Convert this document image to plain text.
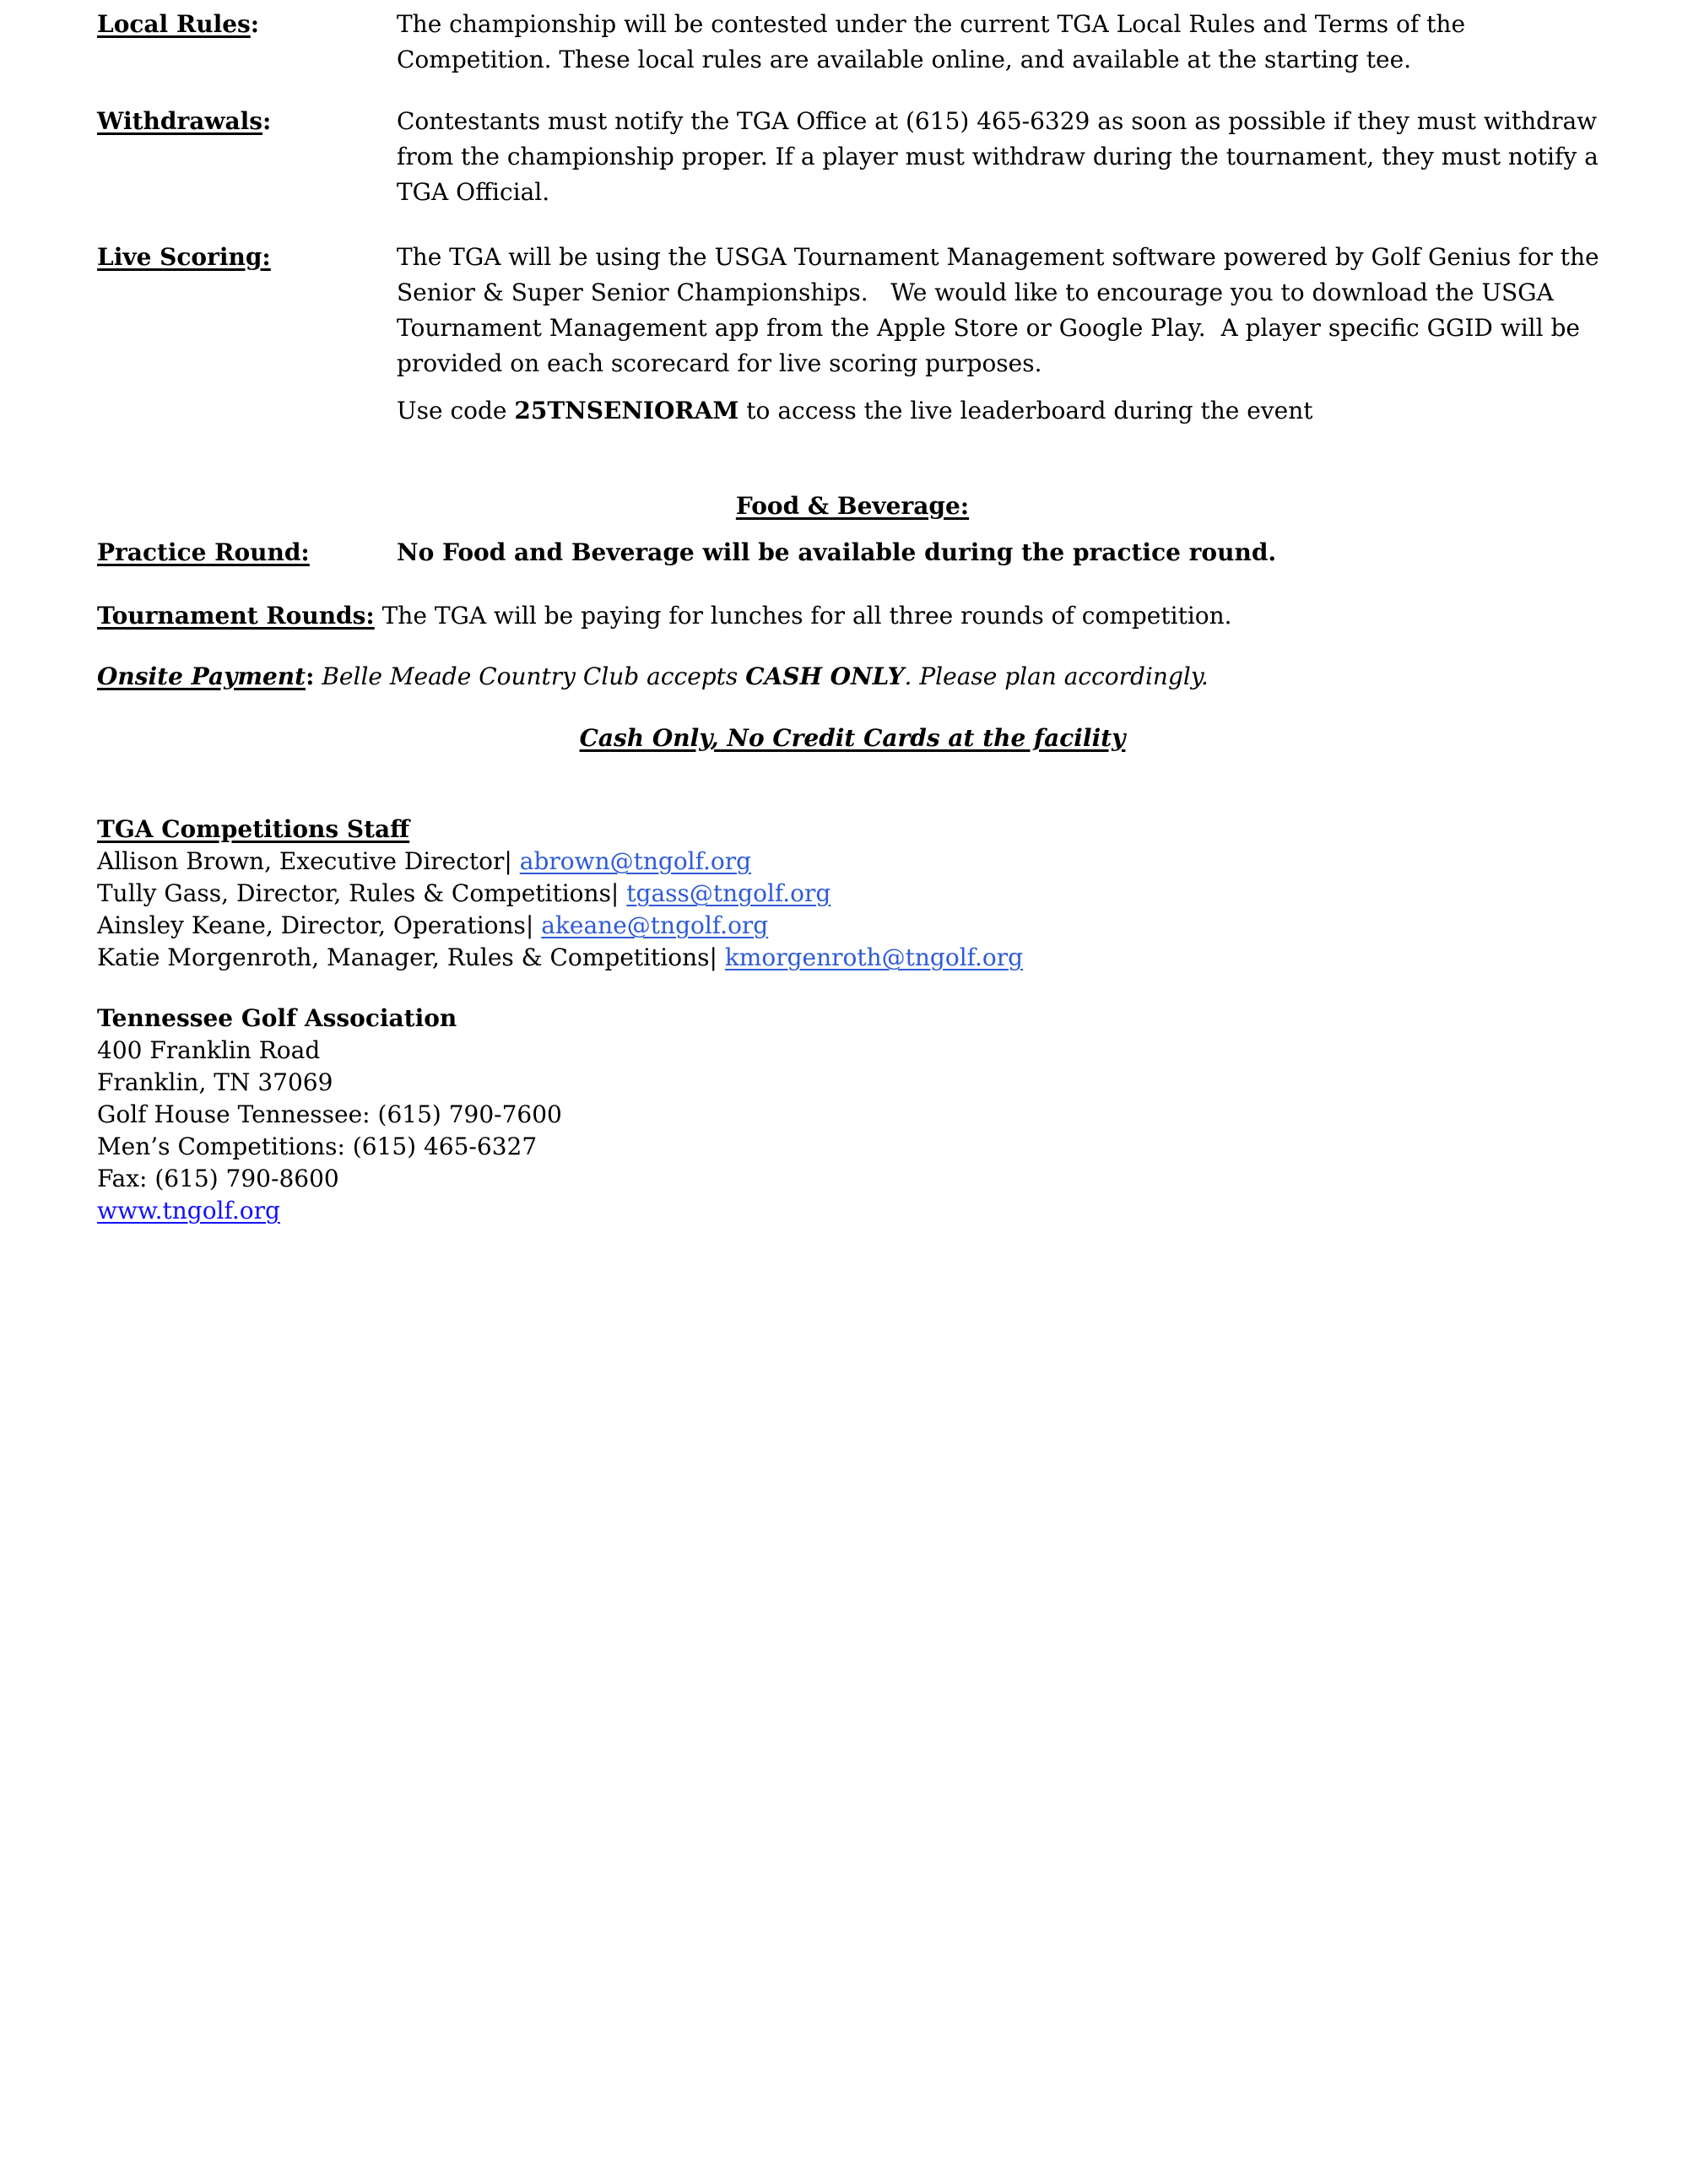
Local Rules:	The championship will be contested under the current TGA Local Rules and Terms of the Competition. These local rules are available online, and available at the starting tee.
Withdrawals:	Contestants must notify the TGA Office at (615) 465-6329 as soon as possible if they must withdraw from the championship proper. If a player must withdraw during the tournament, they must notify a TGA Official.
Live Scoring:	The TGA will be using the USGA Tournament Management software powered by Golf Genius for the Senior & Super Senior Championships.   We would like to encourage you to download the USGA Tournament Management app from the Apple Store or Google Play.  A player specific GGID will be provided on each scorecard for live scoring purposes.
Use code 25TNSENIORAM to access the live leaderboard during the event
Food & Beverage:
Practice Round:	No Food and Beverage will be available during the practice round.
Tournament Rounds: The TGA will be paying for lunches for all three rounds of competition.
Onsite Payment: Belle Meade Country Club accepts CASH ONLY. Please plan accordingly.
Cash Only, No Credit Cards at the facility
TGA Competitions Staff
Allison Brown, Executive Director| abrown@tngolf.org
Tully Gass, Director, Rules & Competitions| tgass@tngolf.org
Ainsley Keane, Director, Operations| akeane@tngolf.org
Katie Morgenroth, Manager, Rules & Competitions| kmorgenroth@tngolf.org
Tennessee Golf Association
400 Franklin Road
Franklin, TN 37069
Golf House Tennessee: (615) 790-7600
Men’s Competitions: (615) 465-6327
Fax: (615) 790-8600
www.tngolf.org
